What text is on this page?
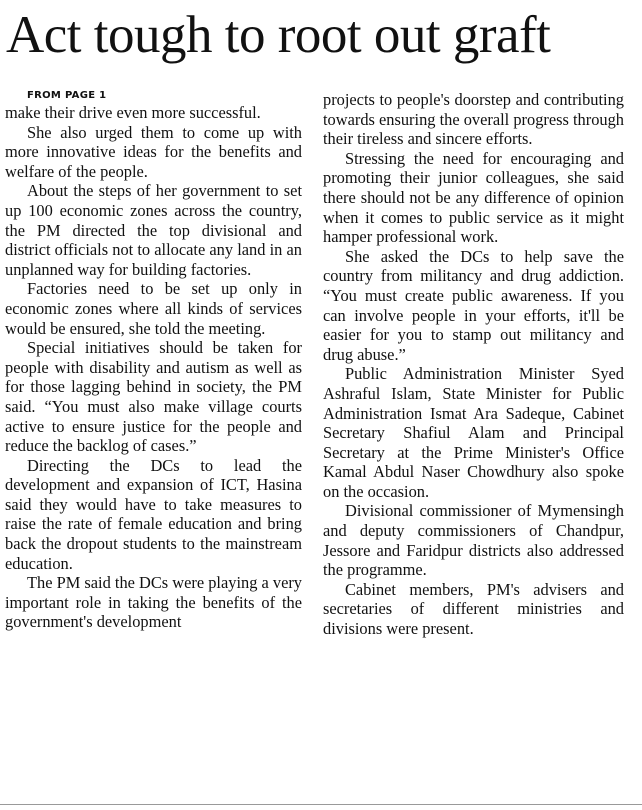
Act tough to root out graft

FROM PAGE 1

make their drive even more successful.

She also urged them to come up with more innovative ideas for the benefits and welfare of the people.

About the steps of her government to set up 100 economic zones across the country, the PM directed the top divisional and district officials not to allocate any land in an unplanned way for building factories.

Factories need to be set up only in economic zones where all kinds of services would be ensured, she told the meeting.

Special initiatives should be taken for people with disability and autism as well as for those lagging behind in society, the PM said. “You must also make village courts active to ensure justice for the people and reduce the backlog of cases.”

Directing the DCs to lead the development and expansion of ICT, Hasina said they would have to take measures to raise the rate of female education and bring back the dropout students to the mainstream education.

The PM said the DCs were playing a very important role in taking the benefits of the government's development

projects to people's doorstep and contributing towards ensuring the overall progress through their tireless and sincere efforts.

Stressing the need for encouraging and promoting their junior colleagues, she said there should not be any difference of opinion when it comes to public service as it might hamper professional work.

She asked the DCs to help save the country from militancy and drug addiction. “You must create public awareness. If you can involve people in your efforts, it'll be easier for you to stamp out militancy and drug abuse.”

Public Administration Minister Syed Ashraful Islam, State Minister for Public Administration Ismat Ara Sadeque, Cabinet Secretary Shafiul Alam and Principal Secretary at the Prime Minister's Office Kamal Abdul Naser Chowdhury also spoke on the occasion.

Divisional commissioner of Mymensingh and deputy commissioners of Chandpur, Jessore and Faridpur districts also addressed the programme.

Cabinet members, PM's advisers and secretaries of different ministries and divisions were present.
